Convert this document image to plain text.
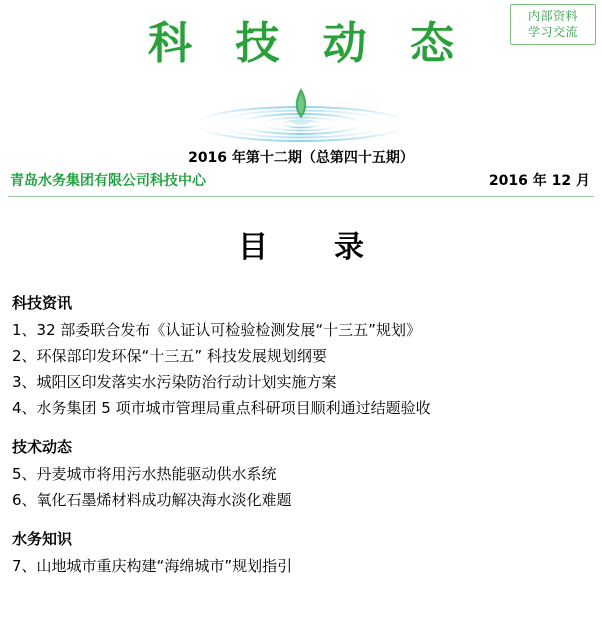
内部资料
学习交流
科 技 动 态
2016 年第十二期（总第四十五期）
青岛水务集团有限公司科技中心	2016 年 12 月
目　录
科技资讯
1、32 部委联合发布《认证认可检验检测发展“十三五”规划》
2、环保部印发环保“十三五” 科技发展规划纲要
3、城阳区印发落实水污染防治行动计划实施方案
4、水务集团 5 项市城市管理局重点科研项目顺利通过结题验收
技术动态
5、丹麦城市将用污水热能驱动供水系统
6、氧化石墨烯材料成功解决海水淡化难题
水务知识
7、山地城市重庆构建“海绵城市”规划指引
